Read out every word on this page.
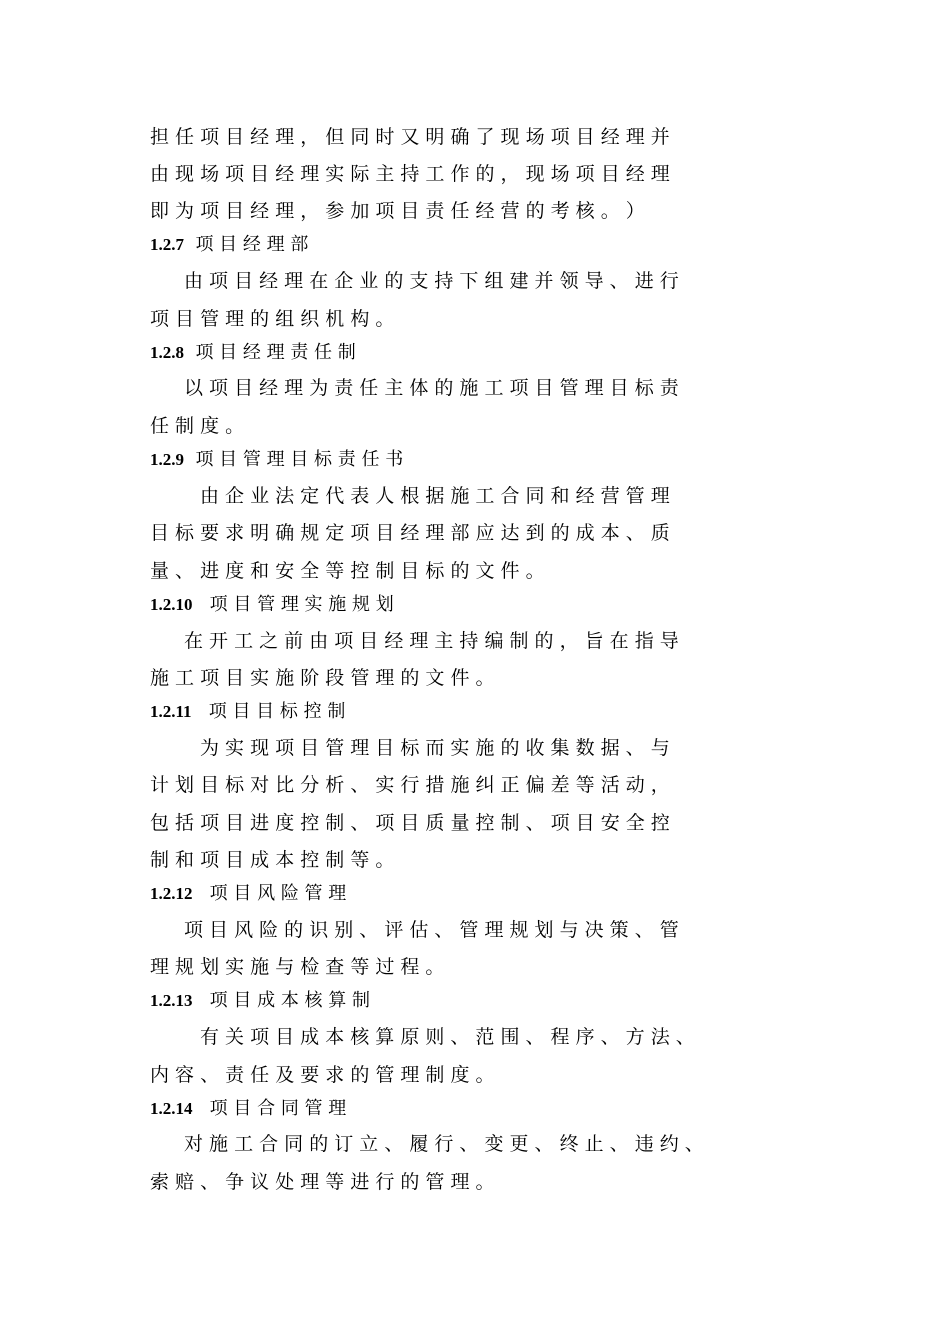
担 任 项 目 经 理 ， 但 同 时 又 明 确 了 现 场 项 目 经 理 并
由 现 场 项 目 经 理 实 际 主 持 工 作 的 ， 现 场 项 目 经 理
即 为 项 目 经 理 ， 参 加 项 目 责 任 经 营 的 考 核 。 ）
1.2.7 项 目 经 理 部
由 项 目 经 理 在 企 业 的 支 持 下 组 建 并 领 导 、 进 行
项 目 管 理 的 组 织 机 构 。
1.2.8 项 目 经 理 责 任 制
以 项 目 经 理 为 责 任 主 体 的 施 工 项 目 管 理 目 标 责
任 制 度 。
1.2.9 项 目 管 理 目 标 责 任 书
由 企 业 法 定 代 表 人 根 据 施 工 合 同 和 经 营 管 理
目 标 要 求 明 确 规 定 项 目 经 理 部 应 达 到 的 成 本 、 质
量 、 进 度 和 安 全 等 控 制 目 标 的 文 件 。
1.2.10 项 目 管 理 实 施 规 划
在 开 工 之 前 由 项 目 经 理 主 持 编 制 的 ， 旨 在 指 导
施 工 项 目 实 施 阶 段 管 理 的 文 件 。
1.2.11 项 目 目 标 控 制
为 实 现 项 目 管 理 目 标 而 实 施 的 收 集 数 据 、 与
计 划 目 标 对 比 分 析 、 实 行 措 施 纠 正 偏 差 等 活 动 ，
包 括 项 目 进 度 控 制 、 项 目 质 量 控 制 、 项 目 安 全 控
制 和 项 目 成 本 控 制 等 。
1.2.12 项 目 风 险 管 理
项 目 风 险 的 识 别 、 评 估 、 管 理 规 划 与 决 策 、 管
理 规 划 实 施 与 检 查 等 过 程 。
1.2.13 项 目 成 本 核 算 制
有 关 项 目 成 本 核 算 原 则 、 范 围 、 程 序 、 方 法 、
内 容 、 责 任 及 要 求 的 管 理 制 度 。
1.2.14 项 目 合 同 管 理
对 施 工 合 同 的 订 立 、 履 行 、 变 更 、 终 止 、 违 约 、
索 赔 、 争 议 处 理 等 进 行 的 管 理 。
